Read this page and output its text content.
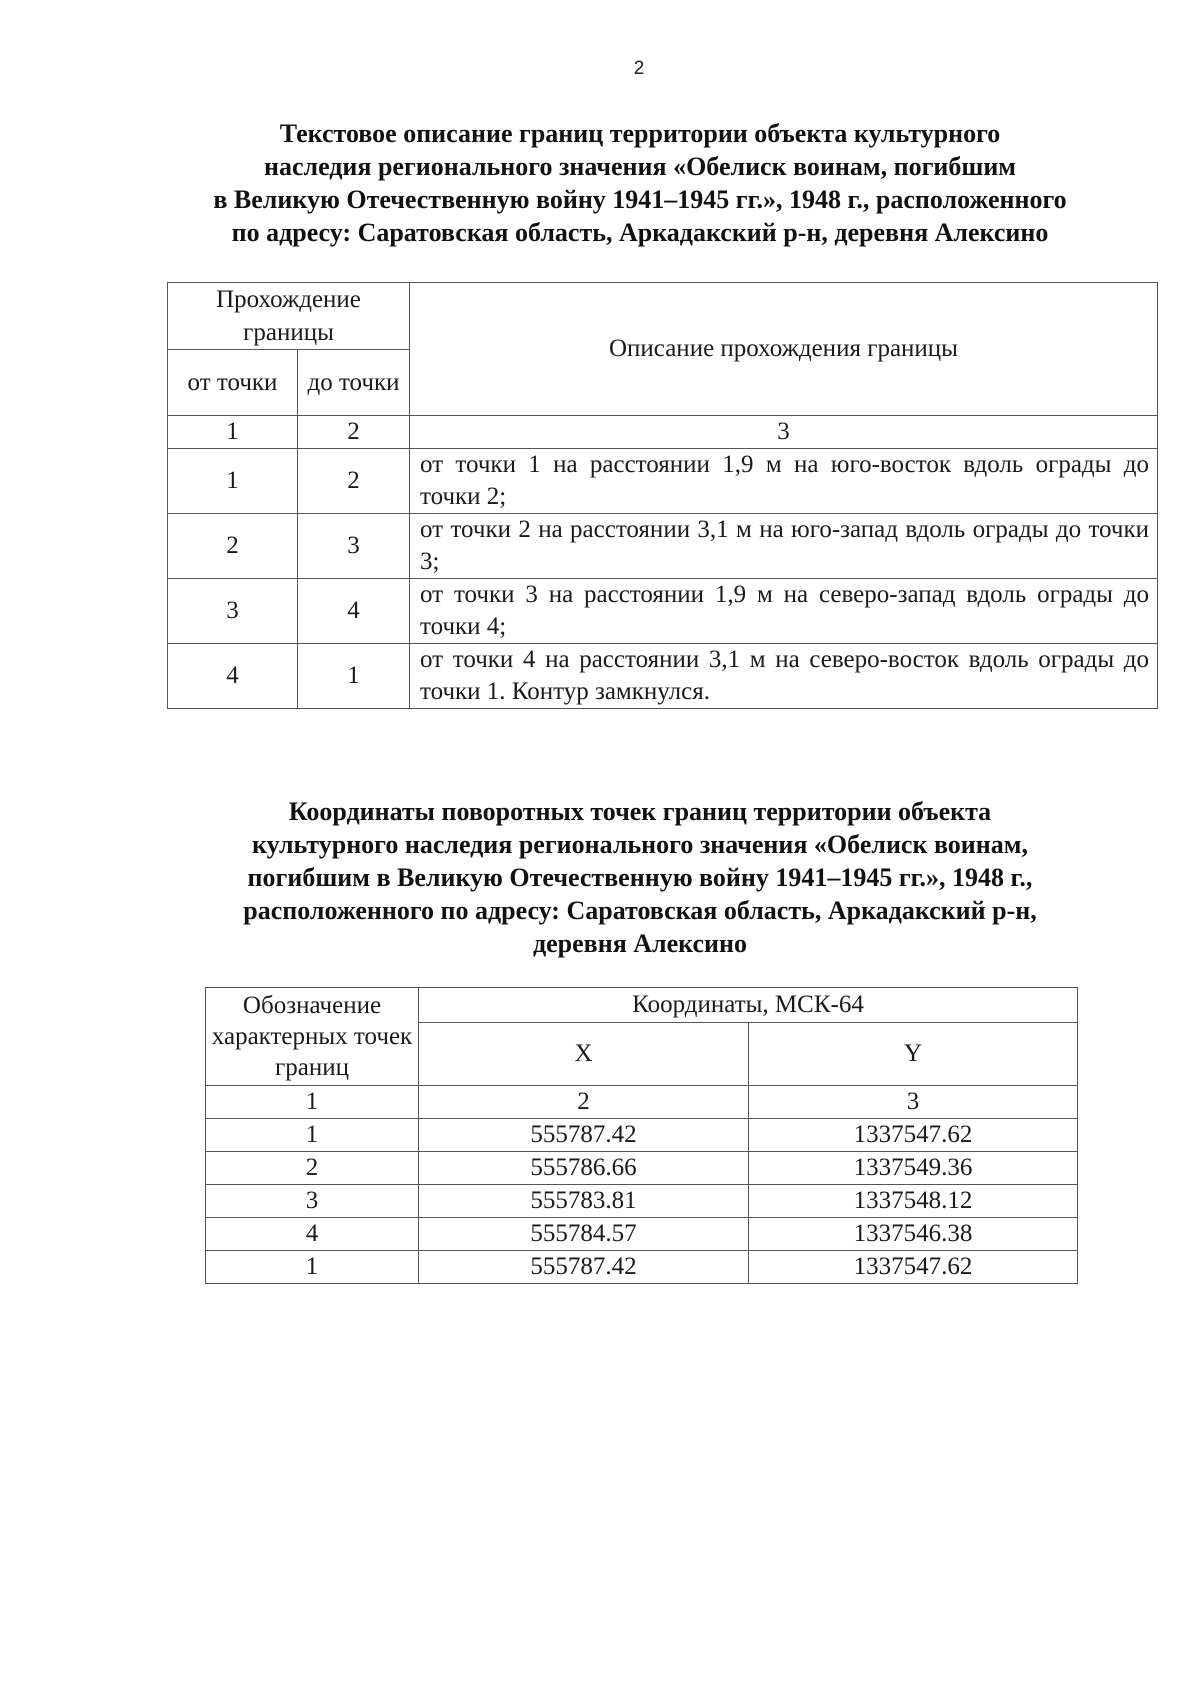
2
Текстовое описание границ территории объекта культурного
наследия регионального значения «Обелиск воинам, погибшим
в Великую Отечественную войну 1941–1945 гг.», 1948 г., расположенного
по адресу: Саратовская область, Аркадакский р-н, деревня Алексино
Прохождение границы		Описание прохождения границы
от точки	до точки	
1	2	3
1	2	от точки 1 на расстоянии 1,9 м на юго-восток вдоль ограды до точки 2;
2	3	от точки 2 на расстоянии 3,1 м на юго-запад вдоль ограды до точки 3;
3	4	от точки 3 на расстоянии 1,9 м на северо-запад вдоль ограды до точки 4;
4	1	от точки 4 на расстоянии 3,1 м на северо-восток вдоль ограды до точки 1. Контур замкнулся.
Координаты поворотных точек границ территории объекта
культурного наследия регионального значения «Обелиск воинам,
погибшим в Великую Отечественную войну 1941–1945 гг.», 1948 г.,
расположенного по адресу: Саратовская область, Аркадакский р-н,
деревня Алексино
Обозначение характерных точек границ	Координаты, МСК-64	
	X	Y
1	2	3
1	555787.42	1337547.62
2	555786.66	1337549.36
3	555783.81	1337548.12
4	555784.57	1337546.38
1	555787.42	1337547.62
